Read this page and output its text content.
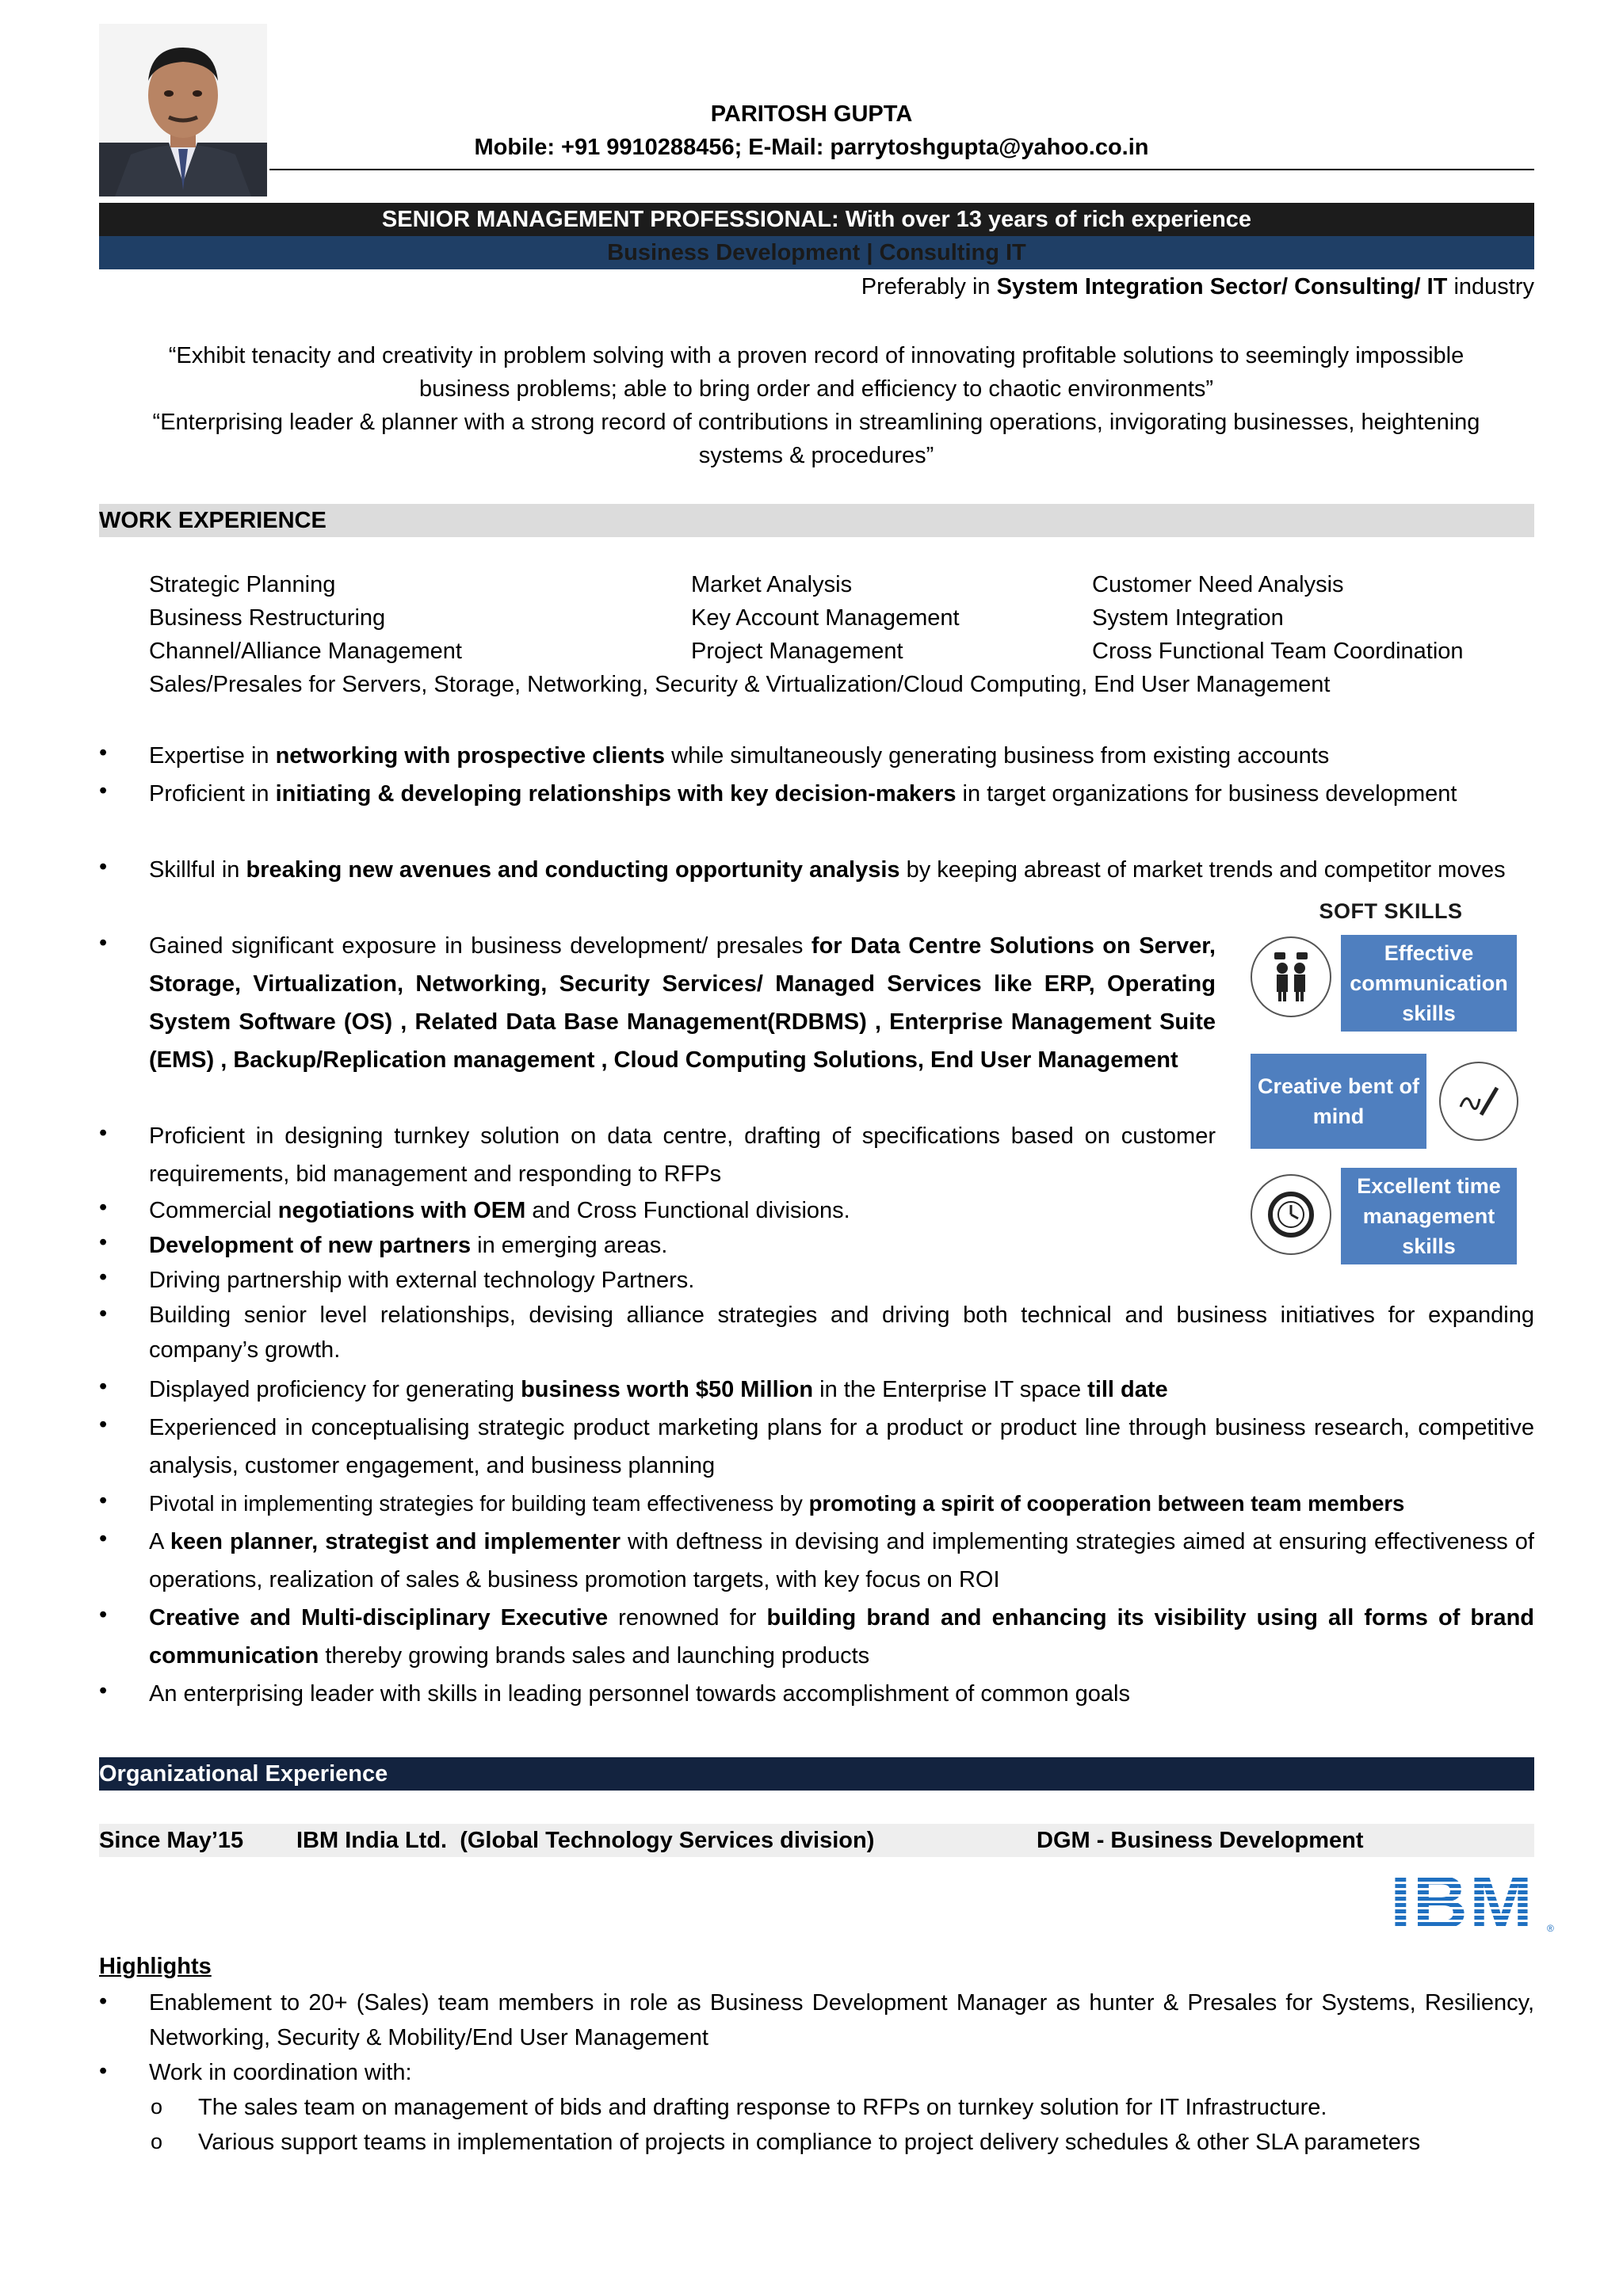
PARITOSH GUPTA
Mobile: +91 9910288456; E-Mail: parrytoshgupta@yahoo.co.in
SENIOR MANAGEMENT PROFESSIONAL: With over 13 years of rich experience
Business Development | Consulting IT
Preferably in System Integration Sector/ Consulting/ IT industry
“Exhibit tenacity and creativity in problem solving with a proven record of innovating profitable solutions to seemingly impossible business problems; able to bring order and efficiency to chaotic environments”
“Enterprising leader & planner with a strong record of contributions in streamlining operations, invigorating businesses, heightening systems & procedures”
WORK EXPERIENCE
Strategic Planning
Business Restructuring
Channel/Alliance Management
Market Analysis
Key Account Management
Project Management
Customer Need Analysis
System Integration
Cross Functional Team Coordination
Sales/Presales for Servers, Storage, Networking, Security & Virtualization/Cloud Computing, End User Management
• Expertise in networking with prospective clients while simultaneously generating business from existing accounts
• Proficient in initiating & developing relationships with key decision-makers in target organizations for business development
• Skillful in breaking new avenues and conducting opportunity analysis by keeping abreast of market trends and competitor moves
• Gained significant exposure in business development/ presales for Data Centre Solutions on Server, Storage, Virtualization, Networking, Security Services/ Managed Services like ERP, Operating System Software (OS) , Related Data Base Management(RDBMS) , Enterprise Management Suite (EMS) , Backup/Replication management , Cloud Computing Solutions, End User Management
• Proficient in designing turnkey solution on data centre, drafting of specifications based on customer requirements, bid management and responding to RFPs
• Commercial negotiations with OEM and Cross Functional divisions.
• Development of new partners in emerging areas.
• Driving partnership with external technology Partners.
• Building senior level relationships, devising alliance strategies and driving both technical and business initiatives for expanding company’s growth.
• Displayed proficiency for generating business worth $50 Million in the Enterprise IT space till date
• Experienced in conceptualising strategic product marketing plans for a product or product line through business research, competitive analysis, customer engagement, and business planning
• Pivotal in implementing strategies for building team effectiveness by promoting a spirit of cooperation between team members
• A keen planner, strategist and implementer with deftness in devising and implementing strategies aimed at ensuring effectiveness of operations, realization of sales & business promotion targets, with key focus on ROI
• Creative and Multi-disciplinary Executive renowned for building brand and enhancing its visibility using all forms of brand communication thereby growing brands sales and launching products
• An enterprising leader with skills in leading personnel towards accomplishment of common goals
SOFT SKILLS
Effective communication skills
Creative bent of mind
Excellent time management skills
Organizational Experience
Since May’15 IBM India Ltd.  (Global Technology Services division)	DGM - Business Development
IBM ®
Highlights
• Enablement to 20+ (Sales) team members in role as Business Development Manager as hunter & Presales for Systems, Resiliency, Networking, Security & Mobility/End User Management
• Work in coordination with:
o The sales team on management of bids and drafting response to RFPs on turnkey solution for IT Infrastructure.
o Various support teams in implementation of projects in compliance to project delivery schedules & other SLA parameters
